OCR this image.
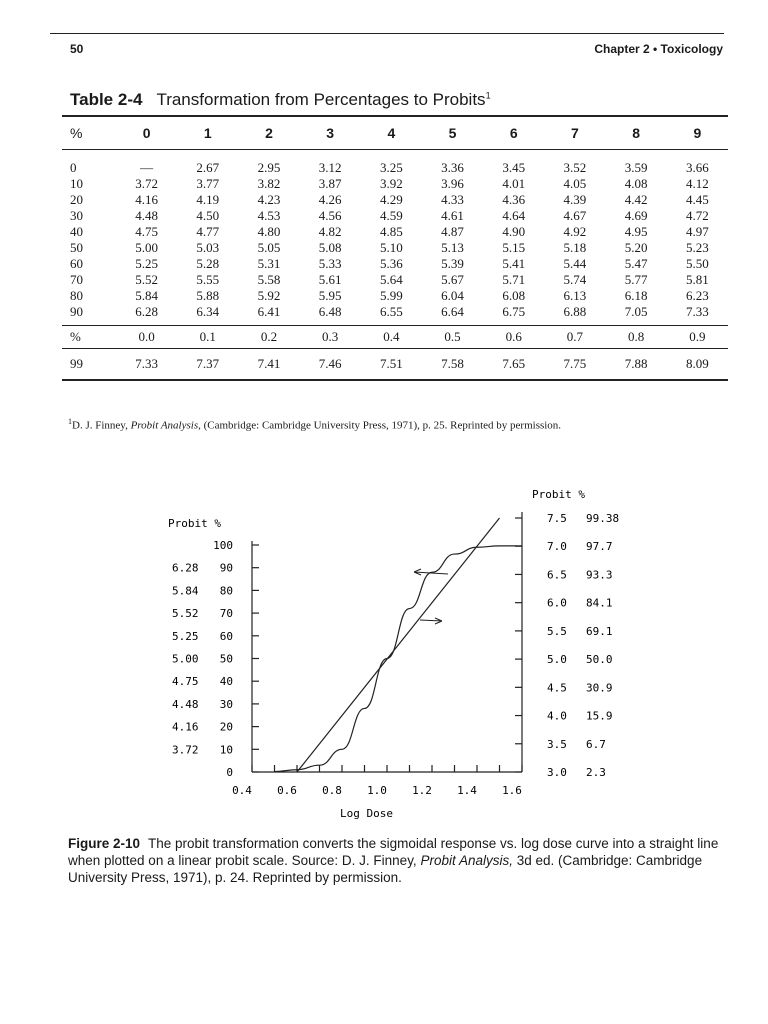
50	Chapter 2 • Toxicology
Table 2-4 Transformation from Percentages to Probits$^1$
%	0	1	2	3	4	5	6	7	8	9
0	—	2.67	2.95	3.12	3.25	3.36	3.45	3.52	3.59	3.66
10	3.72	3.77	3.82	3.87	3.92	3.96	4.01	4.05	4.08	4.12
20	4.16	4.19	4.23	4.26	4.29	4.33	4.36	4.39	4.42	4.45
30	4.48	4.50	4.53	4.56	4.59	4.61	4.64	4.67	4.69	4.72
40	4.75	4.77	4.80	4.82	4.85	4.87	4.90	4.92	4.95	4.97
50	5.00	5.03	5.05	5.08	5.10	5.13	5.15	5.18	5.20	5.23
60	5.25	5.28	5.31	5.33	5.36	5.39	5.41	5.44	5.47	5.50
70	5.52	5.55	5.58	5.61	5.64	5.67	5.71	5.74	5.77	5.81
80	5.84	5.88	5.92	5.95	5.99	6.04	6.08	6.13	6.18	6.23
90	6.28	6.34	6.41	6.48	6.55	6.64	6.75	6.88	7.05	7.33
%	0.0	0.1	0.2	0.3	0.4	0.5	0.6	0.7	0.8	0.9
99	7.33	7.37	7.41	7.46	7.51	7.58	7.65	7.75	7.88	8.09
$^1$D. J. Finney, Probit Analysis, (Cambridge: Cambridge University Press, 1971), p. 25. Reprinted by permission.
Probit %
Probit %
Log Dose
100
90
6.28
80
5.84
70
5.52
60
5.25
50
5.00
40
4.75
30
4.48
20
4.16
10
3.72
0
7.5 99.38
7.0 97.7
6.5 93.3
6.0 84.1
5.5 69.1
5.0 50.0
4.5 30.9
4.0 15.9
3.5 6.7
3.0 2.3
0.4 0.6 0.8 1.0 1.2 1.4 1.6
Figure 2-10 The probit transformation converts the sigmoidal response vs. log dose curve into a straight line when plotted on a linear probit scale. Source: D. J. Finney, Probit Analysis, 3d ed. (Cambridge: Cambridge University Press, 1971), p. 24. Reprinted by permission.
